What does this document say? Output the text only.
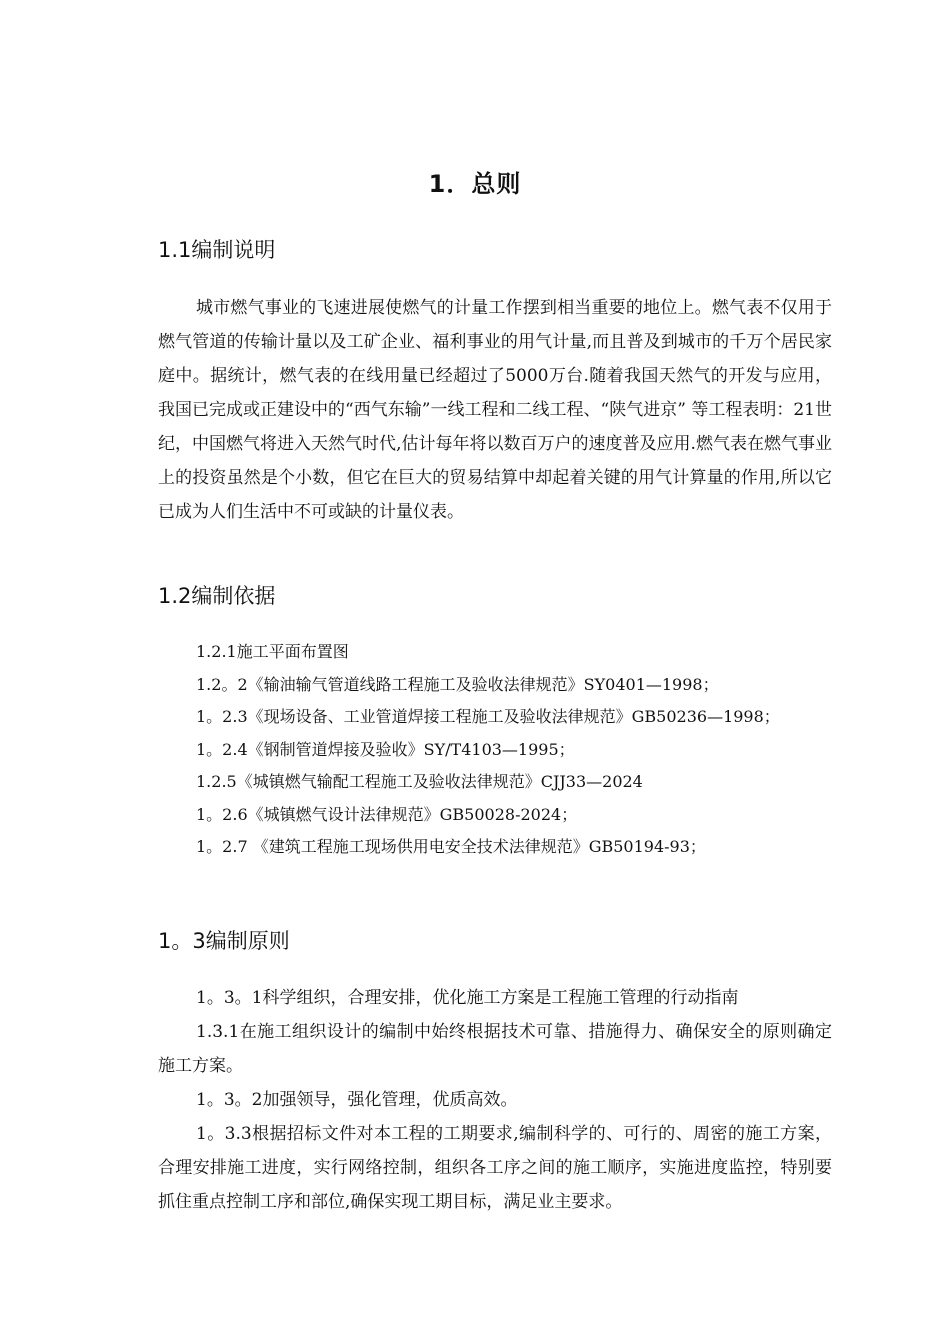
1．总则
1.1编制说明

城市燃气事业的飞速进展使燃气的计量工作摆到相当重要的地位上。燃气表不仅用于燃气管道的传输计量以及工矿企业、福利事业的用气计量,而且普及到城市的千万个居民家庭中。据统计，燃气表的在线用量已经超过了5000万台.随着我国天然气的开发与应用，我国已完成或正建设中的“西气东输”一线工程和二线工程、“陕气进京” 等工程表明：21世纪，中国燃气将进入天然气时代,估计每年将以数百万户的速度普及应用.燃气表在燃气事业上的投资虽然是个小数，但它在巨大的贸易结算中却起着关键的用气计算量的作用,所以它已成为人们生活中不可或缺的计量仪表。

1.2编制依据
1.2.1施工平面布置图
1.2。2《输油输气管道线路工程施工及验收法律规范》SY0401—1998；
1。2.3《现场设备、工业管道焊接工程施工及验收法律规范》GB50236—1998；
1。2.4《钢制管道焊接及验收》SY/T4103—1995；
1.2.5《城镇燃气输配工程施工及验收法律规范》CJJ33—2024
1。2.6《城镇燃气设计法律规范》GB50028-2024；
1。2.7 《建筑工程施工现场供用电安全技术法律规范》GB50194-93；
1。3编制原则
1。3。1科学组织，合理安排，优化施工方案是工程施工管理的行动指南
1.3.1在施工组织设计的编制中始终根据技术可靠、措施得力、确保安全的原则确定施工方案。
1。3。2加强领导，强化管理，优质高效。
1。3.3根据招标文件对本工程的工期要求,编制科学的、可行的、周密的施工方案，合理安排施工进度，实行网络控制，组织各工序之间的施工顺序，实施进度监控，特别要抓住重点控制工序和部位,确保实现工期目标，满足业主要求。
